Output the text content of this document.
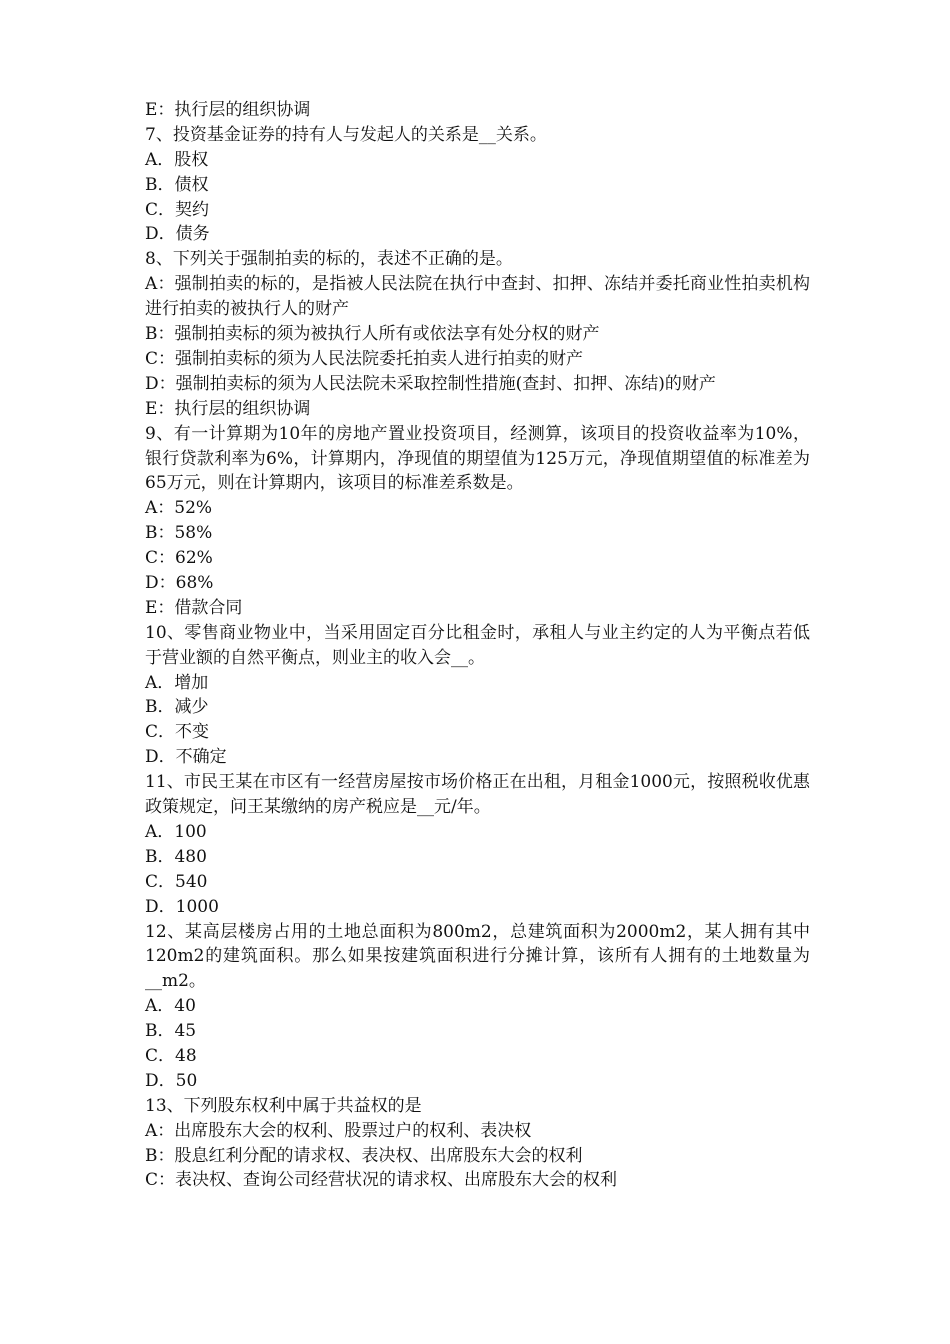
E：执行层的组织协调
7、投资基金证券的持有人与发起人的关系是__关系。
A．股权
B．债权
C．契约
D．债务
8、下列关于强制拍卖的标的，表述不正确的是。
A：强制拍卖的标的，是指被人民法院在执行中查封、扣押、冻结并委托商业性拍卖机构进行拍卖的被执行人的财产
B：强制拍卖标的须为被执行人所有或依法享有处分权的财产
C：强制拍卖标的须为人民法院委托拍卖人进行拍卖的财产
D：强制拍卖标的须为人民法院未采取控制性措施(查封、扣押、冻结)的财产
E：执行层的组织协调
9、有一计算期为10年的房地产置业投资项目，经测算，该项目的投资收益率为10%，银行贷款利率为6%，计算期内，净现值的期望值为125万元，净现值期望值的标准差为65万元，则在计算期内，该项目的标准差系数是。
A：52%
B：58%
C：62%
D：68%
E：借款合同
10、零售商业物业中，当采用固定百分比租金时，承租人与业主约定的人为平衡点若低于营业额的自然平衡点，则业主的收入会__。
A．增加
B．减少
C．不变
D．不确定
11、市民王某在市区有一经营房屋按市场价格正在出租，月租金1000元，按照税收优惠政策规定，问王某缴纳的房产税应是__元/年。
A．100
B．480
C．540
D．1000
12、某高层楼房占用的土地总面积为800m2，总建筑面积为2000m2，某人拥有其中120m2的建筑面积。那么如果按建筑面积进行分摊计算，该所有人拥有的土地数量为__m2。
A．40
B．45
C．48
D．50
13、下列股东权利中属于共益权的是
A：出席股东大会的权利、股票过户的权利、表决权
B：股息红利分配的请求权、表决权、出席股东大会的权利
C：表决权、查询公司经营状况的请求权、出席股东大会的权利
